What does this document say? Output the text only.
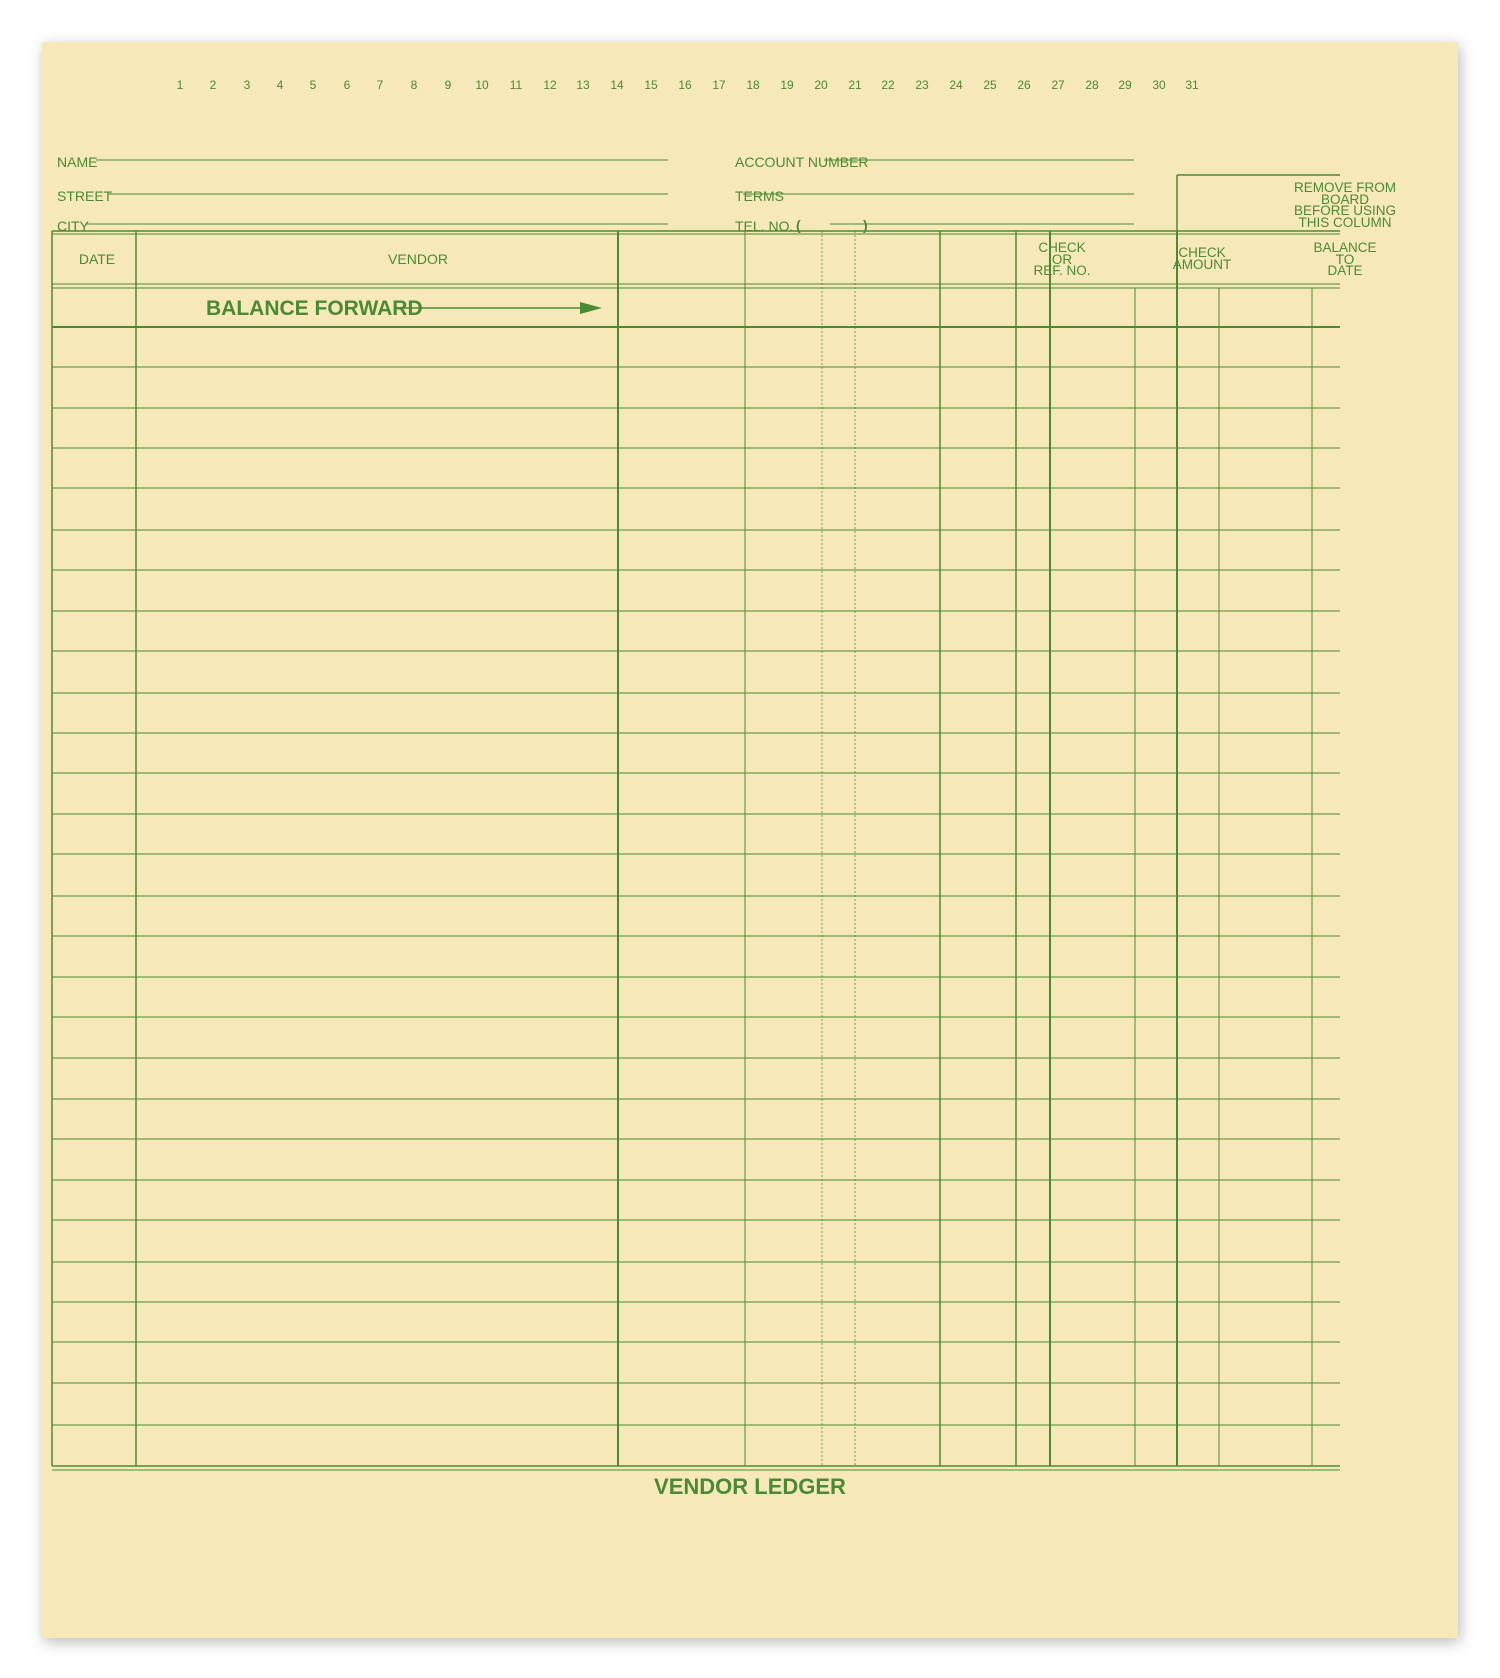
1 2 3 4 5 6 7 8 9 10 11 12 13 14 15 16 17 18 19 20 21 22 23 24 25 26 27 28 29 30 31
NAME
STREET
CITY
ACCOUNT NUMBER
TERMS
TEL. NO. (	)
REMOVE FROM
BOARD
BEFORE USING
THIS COLUMN
DATE	VENDOR
CHECK
OR
REF. NO.
CHECK
AMOUNT
BALANCE
TO
DATE
BALANCE FORWARD
VENDOR LEDGER
